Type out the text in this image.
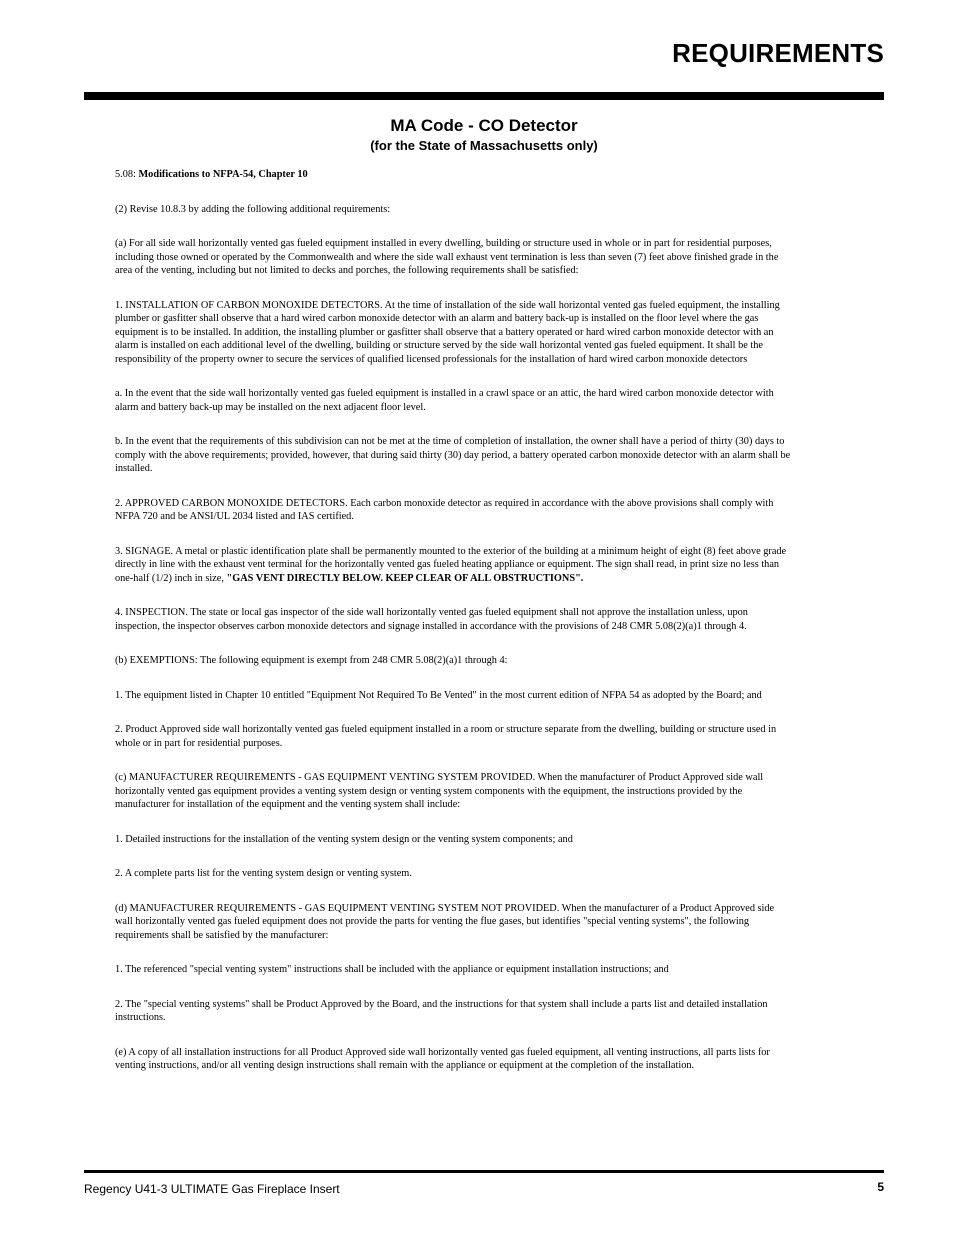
REQUIREMENTS
MA Code - CO Detector
(for the State of Massachusetts only)

5.08: Modifications to NFPA-54, Chapter 10

(2) Revise 10.8.3 by adding the following additional requirements:

(a) For all side wall horizontally vented gas fueled equipment installed in every dwelling, building or structure used in whole or in part for residential purposes, including those owned or operated by the Commonwealth and where the side wall exhaust vent termination is less than seven (7) feet above finished grade in the area of the venting, including but not limited to decks and porches, the following requirements shall be satisfied:

1. INSTALLATION OF CARBON MONOXIDE DETECTORS. At the time of installation of the side wall horizontal vented gas fueled equipment, the installing plumber or gasfitter shall observe that a hard wired carbon monoxide detector with an alarm and battery back-up is installed on the floor level where the gas equipment is to be installed. In addition, the installing plumber or gasfitter shall observe that a battery operated or hard wired carbon monoxide detector with an alarm is installed on each additional level of the dwelling, building or structure served by the side wall horizontal vented gas fueled equipment. It shall be the responsibility of the property owner to secure the services of qualified licensed professionals for the installation of hard wired carbon monoxide detectors

a. In the event that the side wall horizontally vented gas fueled equipment is installed in a crawl space or an attic, the hard wired carbon monoxide detector with alarm and battery back-up may be installed on the next adjacent floor level.

b. In the event that the requirements of this subdivision can not be met at the time of completion of installation, the owner shall have a period of thirty (30) days to comply with the above requirements; provided, however, that during said thirty (30) day period, a battery operated carbon monoxide detector with an alarm shall be installed.

2. APPROVED CARBON MONOXIDE DETECTORS. Each carbon monoxide detector as required in accordance with the above provisions shall comply with NFPA 720 and be ANSI/UL 2034 listed and IAS certified.

3. SIGNAGE. A metal or plastic identification plate shall be permanently mounted to the exterior of the building at a minimum height of eight (8) feet above grade directly in line with the exhaust vent terminal for the horizontally vented gas fueled heating appliance or equipment. The sign shall read, in print size no less than one-half (1/2) inch in size, "GAS VENT DIRECTLY BELOW. KEEP CLEAR OF ALL OBSTRUCTIONS".

4. INSPECTION. The state or local gas inspector of the side wall horizontally vented gas fueled equipment shall not approve the installation unless, upon inspection, the inspector observes carbon monoxide detectors and signage installed in accordance with the provisions of 248 CMR 5.08(2)(a)1 through 4.

(b) EXEMPTIONS: The following equipment is exempt from 248 CMR 5.08(2)(a)1 through 4:

1. The equipment listed in Chapter 10 entitled "Equipment Not Required To Be Vented" in the most current edition of NFPA 54 as adopted by the Board; and

2. Product Approved side wall horizontally vented gas fueled equipment installed in a room or structure separate from the dwelling, building or structure used in whole or in part for residential purposes.

(c) MANUFACTURER REQUIREMENTS - GAS EQUIPMENT VENTING SYSTEM PROVIDED. When the manufacturer of Product Approved side wall horizontally vented gas equipment provides a venting system design or venting system components with the equipment, the instructions provided by the manufacturer for installation of the equipment and the venting system shall include:

1. Detailed instructions for the installation of the venting system design or the venting system components; and

2. A complete parts list for the venting system design or venting system.

(d) MANUFACTURER REQUIREMENTS - GAS EQUIPMENT VENTING SYSTEM NOT PROVIDED. When the manufacturer of a Product Approved side wall horizontally vented gas fueled equipment does not provide the parts for venting the flue gases, but identifies "special venting systems", the following requirements shall be satisfied by the manufacturer:

1. The referenced "special venting system" instructions shall be included with the appliance or equipment installation instructions; and

2. The "special venting systems" shall be Product Approved by the Board, and the instructions for that system shall include a parts list and detailed installation instructions.

(e) A copy of all installation instructions for all Product Approved side wall horizontally vented gas fueled equipment, all venting instructions, all parts lists for venting instructions, and/or all venting design instructions shall remain with the appliance or equipment at the completion of the installation.

Regency U41-3 ULTIMATE Gas Fireplace Insert	5
